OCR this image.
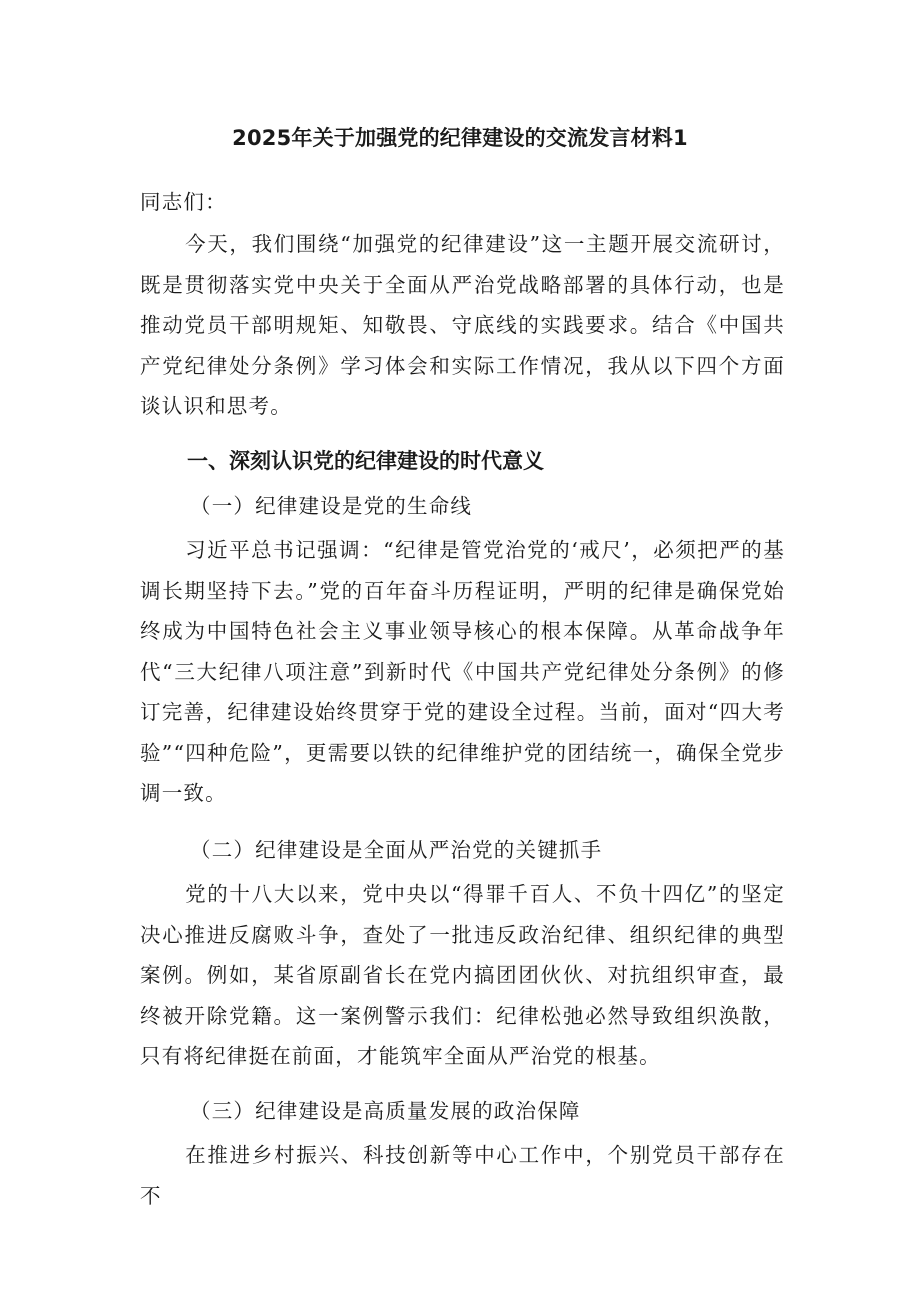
2025年关于加强党的纪律建设的交流发言材料1
同志们：
今天，我们围绕“加强党的纪律建设”这一主题开展交流研讨，既是贯彻落实党中央关于全面从严治党战略部署的具体行动，也是推动党员干部明规矩、知敬畏、守底线的实践要求。结合《中国共产党纪律处分条例》学习体会和实际工作情况，我从以下四个方面谈认识和思考。
一、深刻认识党的纪律建设的时代意义
（一）纪律建设是党的生命线
习近平总书记强调：“纪律是管党治党的‘戒尺’，必须把严的基调长期坚持下去。”党的百年奋斗历程证明，严明的纪律是确保党始终成为中国特色社会主义事业领导核心的根本保障。从革命战争年代“三大纪律八项注意”到新时代《中国共产党纪律处分条例》的修订完善，纪律建设始终贯穿于党的建设全过程。当前，面对“四大考验”“四种危险”，更需要以铁的纪律维护党的团结统一，确保全党步调一致。
（二）纪律建设是全面从严治党的关键抓手
党的十八大以来，党中央以“得罪千百人、不负十四亿”的坚定决心推进反腐败斗争，查处了一批违反政治纪律、组织纪律的典型案例。例如，某省原副省长在党内搞团团伙伙、对抗组织审查，最终被开除党籍。这一案例警示我们：纪律松弛必然导致组织涣散，只有将纪律挺在前面，才能筑牢全面从严治党的根基。
（三）纪律建设是高质量发展的政治保障
在推进乡村振兴、科技创新等中心工作中，个别党员干部存在不
